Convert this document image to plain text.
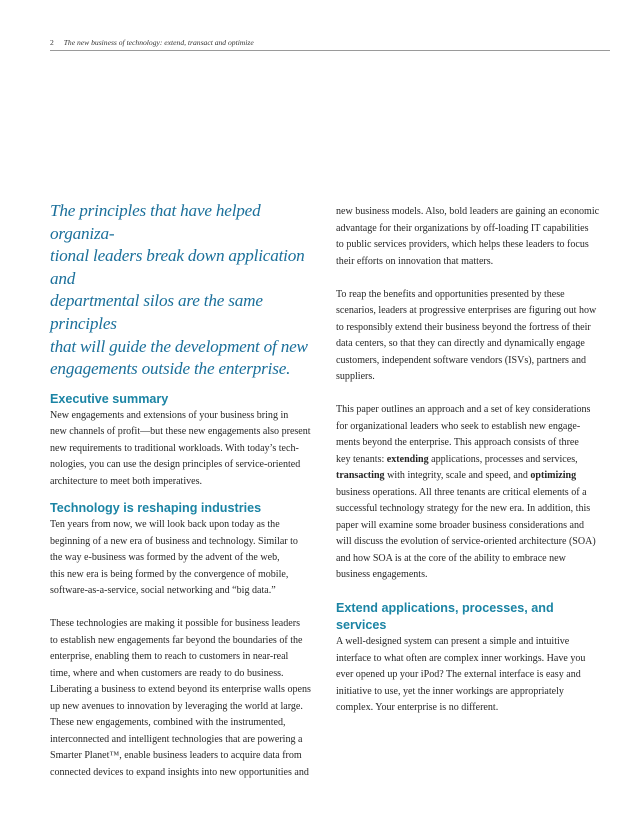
2 The new business of technology: extend, transact and optimize
The principles that have helped organiza-
tional leaders break down application and
departmental silos are the same principles
that will guide the development of new
engagements outside the enterprise.
Executive summary

New engagements and extensions of your business bring in
new channels of profit—but these new engagements also present
new requirements to traditional workloads. With today’s tech-
nologies, you can use the design principles of service-oriented
architecture to meet both imperatives.

Technology is reshaping industries

Ten years from now, we will look back upon today as the
beginning of a new era of business and technology. Similar to
the way e-business was formed by the advent of the web,
this new era is being formed by the convergence of mobile,
software-as-a-service, social networking and “big data.”

These technologies are making it possible for business leaders
to establish new engagements far beyond the boundaries of the
enterprise, enabling them to reach to customers in near-real
time, where and when customers are ready to do business.
Liberating a business to extend beyond its enterprise walls opens
up new avenues to innovation by leveraging the world at large.
These new engagements, combined with the instrumented,
interconnected and intelligent technologies that are powering a
Smarter Planet™, enable business leaders to acquire data from
connected devices to expand insights into new opportunities and

new business models. Also, bold leaders are gaining an economic
advantage for their organizations by off-loading IT capabilities
to public services providers, which helps these leaders to focus
their efforts on innovation that matters.

To reap the benefits and opportunities presented by these
scenarios, leaders at progressive enterprises are figuring out how
to responsibly extend their business beyond the fortress of their
data centers, so that they can directly and dynamically engage
customers, independent software vendors (ISVs), partners and
suppliers.

This paper outlines an approach and a set of key considerations
for organizational leaders who seek to establish new engage-
ments beyond the enterprise. This approach consists of three
key tenants: extending applications, processes and services,
transacting with integrity, scale and speed, and optimizing
business operations. All three tenants are critical elements of a
successful technology strategy for the new era. In addition, this
paper will examine some broader business considerations and
will discuss the evolution of service-oriented architecture (SOA)
and how SOA is at the core of the ability to embrace new
business engagements.

Extend applications, processes, and
services

A well-designed system can present a simple and intuitive
interface to what often are complex inner workings. Have you
ever opened up your iPod? The external interface is easy and
initiative to use, yet the inner workings are appropriately
complex. Your enterprise is no different.
